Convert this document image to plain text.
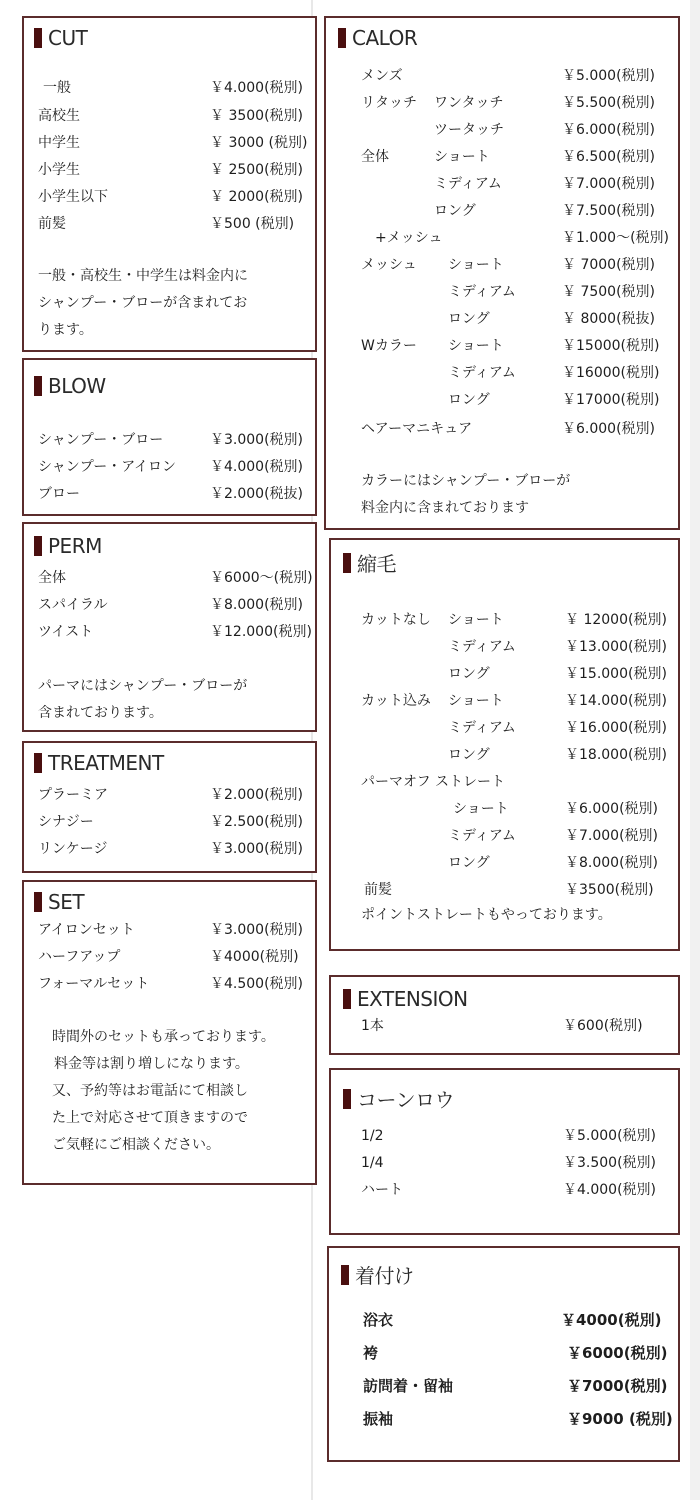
CUT
一般	￥4.000(税別)
高校生	￥ 3500(税別)
中学生	￥ 3000 (税別)
小学生	￥ 2500(税別)
小学生以下	￥ 2000(税別)
前髪	￥500 (税別)
一般・高校生・中学生は料金内に
シャンプー・ブローが含まれてお
ります。
BLOW
シャンプー・ブロー	￥3.000(税別)
シャンプー・アイロン ￥4.000(税別)
ブロー	￥2.000(税抜)
PERM
全体	￥6000〜(税別)
スパイラル	￥8.000(税別)
ツイスト	￥12.000(税別)
パーマにはシャンプー・ブローが
含まれております。
TREATMENT
プラーミア	￥2.000(税別)
シナジー	￥2.500(税別)
リンケージ	￥3.000(税別)
SET
アイロンセット	￥3.000(税別)
ハーフアップ	￥4000(税別)
フォーマルセット	￥4.500(税別)
時間外のセットも承っております。
料金等は割り増しになります。
又、予約等はお電話にて相談し
た上で対応させて頂きますので
ご気軽にご相談ください。
CALOR
メンズ	￥5.000(税別)
リタッチ ワンタッチ	￥5.500(税別)
ツータッチ	￥6.000(税別)
全体	ショート	￥6.500(税別)
ミディアム	￥7.000(税別)
ロング	￥7.500(税別)
+メッシュ	￥1.000〜(税別)
メッシュ ショート	￥ 7000(税別)
ミディアム	￥ 7500(税別)
ロング	￥ 8000(税抜)
Wカラー ショート	￥15000(税別)
ミディアム	￥16000(税別)
ロング	￥17000(税別)
ヘアーマニキュア	￥6.000(税別)
カラーにはシャンプー・ブローが
料金内に含まれております
縮毛
カットなし ショート	￥ 12000(税別)
ミディアム	￥13.000(税別)
ロング	￥15.000(税別)
カット込み ショート	￥14.000(税別)
ミディアム	￥16.000(税別)
ロング	￥18.000(税別)
パーマオフ ストレート
ショート	￥6.000(税別)
ミディアム	￥7.000(税別)
ロング	￥8.000(税別)
前髪	￥3500(税別)
ポイントストレートもやっております。
EXTENSION
1本	￥600(税別)
コーンロウ
1/2	￥5.000(税別)
1/4	￥3.500(税別)
ハート	￥4.000(税別)
着付け
浴衣	￥4000(税別)
袴	￥6000(税別)
訪問着・留袖	￥7000(税別)
振袖	￥9000 (税別)
